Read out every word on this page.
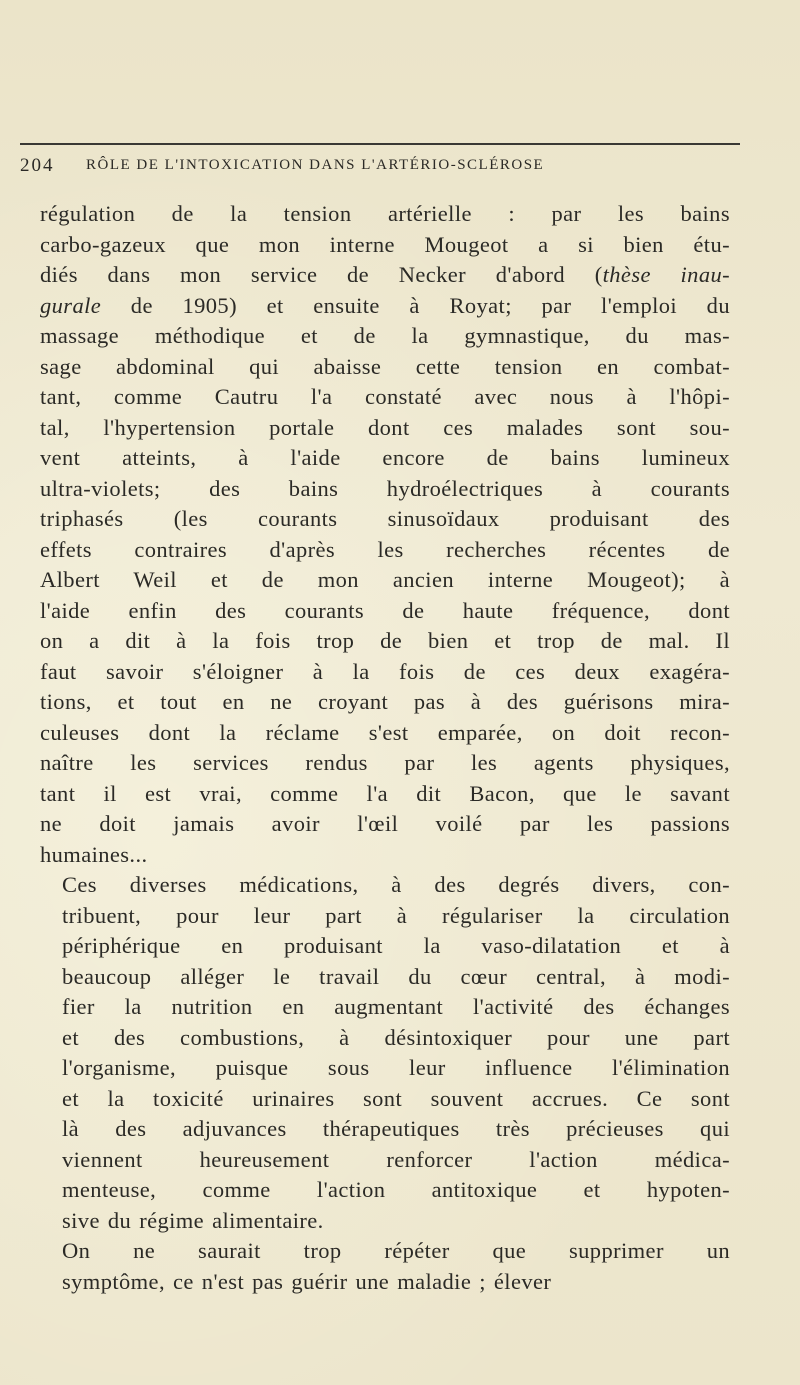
204 RÔLE DE L'INTOXICATION DANS L'ARTÉRIO-SCLÉROSE

régulation de la tension artérielle : par les bains
carbo-gazeux que mon interne Mougeot a si bien étu-
diés dans mon service de Necker d'abord (thèse inau-
gurale de 1905) et ensuite à Royat; par l'emploi du
massage méthodique et de la gymnastique, du mas-
sage abdominal qui abaisse cette tension en combat-
tant, comme Cautru l'a constaté avec nous à l'hôpi-
tal, l'hypertension portale dont ces malades sont sou-
vent atteints, à l'aide encore de bains lumineux
ultra-violets; des bains hydroélectriques à courants
triphasés (les courants sinusoïdaux produisant des
effets contraires d'après les recherches récentes de
Albert Weil et de mon ancien interne Mougeot); à
l'aide enfin des courants de haute fréquence, dont
on a dit à la fois trop de bien et trop de mal. Il
faut savoir s'éloigner à la fois de ces deux exagéra-
tions, et tout en ne croyant pas à des guérisons mira-
culeuses dont la réclame s'est emparée, on doit recon-
naître les services rendus par les agents physiques,
tant il est vrai, comme l'a dit Bacon, que le savant
ne doit jamais avoir l'œil voilé par les passions
humaines...

Ces diverses médications, à des degrés divers, con-
tribuent, pour leur part à régulariser la circulation
périphérique en produisant la vaso-dilatation et à
beaucoup alléger le travail du cœur central, à modi-
fier la nutrition en augmentant l'activité des échanges
et des combustions, à désintoxiquer pour une part
l'organisme, puisque sous leur influence l'élimination
et la toxicité urinaires sont souvent accrues. Ce sont
là des adjuvances thérapeutiques très précieuses qui
viennent heureusement renforcer l'action médica-
menteuse, comme l'action antitoxique et hypoten-
sive du régime alimentaire.

On ne saurait trop répéter que supprimer un
symptôme, ce n'est pas guérir une maladie ; élever
